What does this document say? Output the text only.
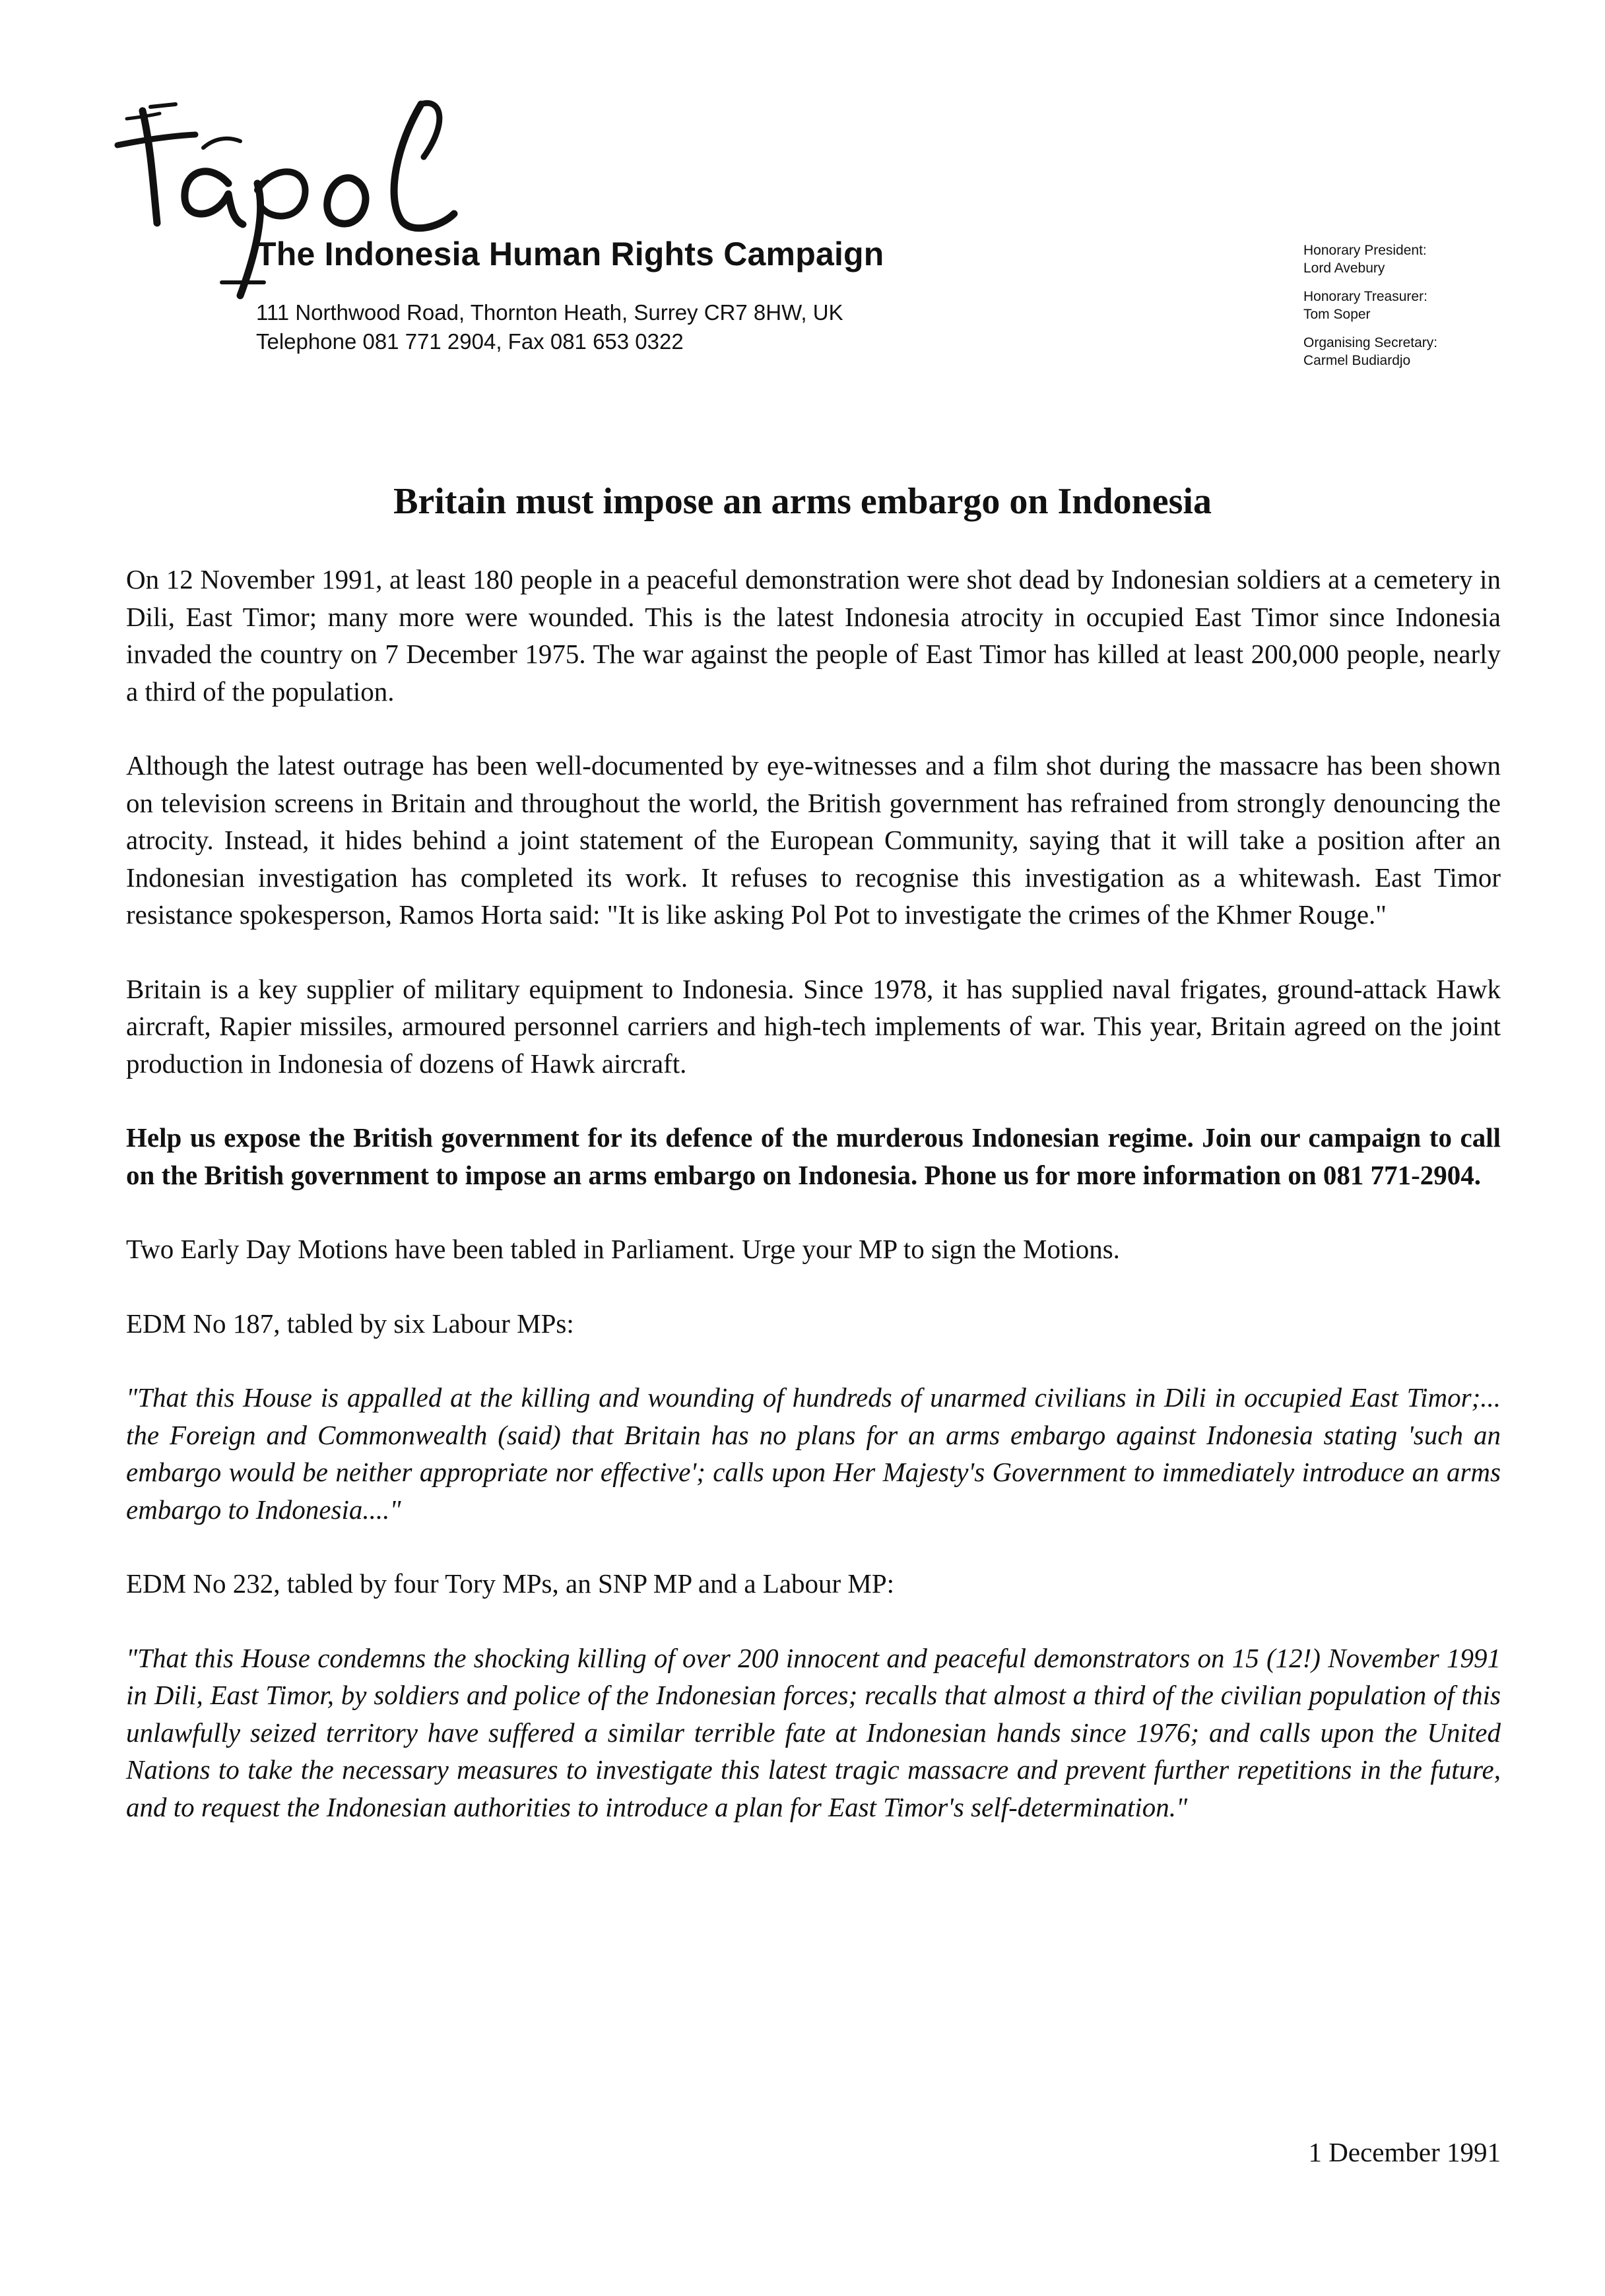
The Indonesia Human Rights Campaign
111 Northwood Road, Thornton Heath, Surrey CR7 8HW, UK
Telephone 081 771 2904, Fax 081 653 0322
Honorary President:
Lord Avebury
Honorary Treasurer:
Tom Soper
Organising Secretary:
Carmel Budiardjo
Britain must impose an arms embargo on Indonesia

On 12 November 1991, at least 180 people in a peaceful demonstration were shot dead by Indonesian soldiers at a cemetery in Dili, East Timor; many more were wounded. This is the latest Indonesia atrocity in occupied East Timor since Indonesia invaded the country on 7 December 1975. The war against the people of East Timor has killed at least 200,000 people, nearly a third of the population.

Although the latest outrage has been well-documented by eye-witnesses and a film shot during the massacre has been shown on television screens in Britain and throughout the world, the British government has refrained from strongly denouncing the atrocity. Instead, it hides behind a joint statement of the European Community, saying that it will take a position after an Indonesian investigation has completed its work. It refuses to recognise this investigation as a whitewash. East Timor resistance spokesperson, Ramos Horta said: "It is like asking Pol Pot to investigate the crimes of the Khmer Rouge."

Britain is a key supplier of military equipment to Indonesia. Since 1978, it has supplied naval frigates, ground-attack Hawk aircraft, Rapier missiles, armoured personnel carriers and high-tech implements of war. This year, Britain agreed on the joint production in Indonesia of dozens of Hawk aircraft.

Help us expose the British government for its defence of the murderous Indonesian regime. Join our campaign to call on the British government to impose an arms embargo on Indonesia. Phone us for more information on 081 771-2904.

Two Early Day Motions have been tabled in Parliament. Urge your MP to sign the Motions.

EDM No 187, tabled by six Labour MPs:

"That this House is appalled at the killing and wounding of hundreds of unarmed civilians in Dili in occupied East Timor;... the Foreign and Commonwealth (said) that Britain has no plans for an arms embargo against Indonesia stating 'such an embargo would be neither appropriate nor effective'; calls upon Her Majesty's Government to immediately introduce an arms embargo to Indonesia...."

EDM No 232, tabled by four Tory MPs, an SNP MP and a Labour MP:

"That this House condemns the shocking killing of over 200 innocent and peaceful demonstrators on 15 (12!) November 1991 in Dili, East Timor, by soldiers and police of the Indonesian forces; recalls that almost a third of the civilian population of this unlawfully seized territory have suffered a similar terrible fate at Indonesian hands since 1976; and calls upon the United Nations to take the necessary measures to investigate this latest tragic massacre and prevent further repetitions in the future, and to request the Indonesian authorities to introduce a plan for East Timor's self-determination."

1 December 1991
